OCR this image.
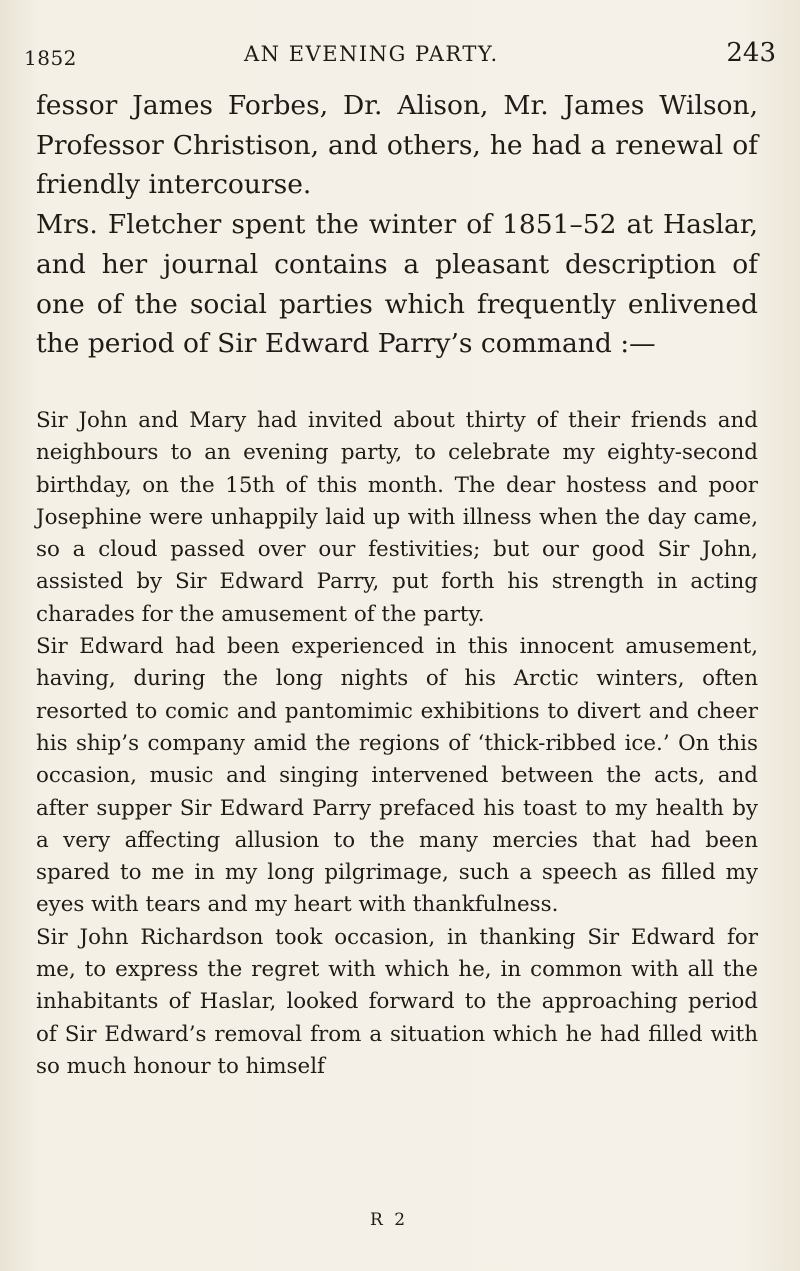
1852	AN EVENING PARTY.	243

fessor James Forbes, Dr. Alison, Mr. James Wilson, Professor Christison, and others, he had a renewal of friendly intercourse.

Mrs. Fletcher spent the winter of 1851–52 at Haslar, and her journal contains a pleasant description of one of the social parties which frequently enlivened the period of Sir Edward Parry’s command :—

Sir John and Mary had invited about thirty of their friends and neighbours to an evening party, to celebrate my eighty-second birthday, on the 15th of this month. The dear hostess and poor Josephine were unhappily laid up with illness when the day came, so a cloud passed over our festivities; but our good Sir John, assisted by Sir Edward Parry, put forth his strength in acting charades for the amusement of the party.

Sir Edward had been experienced in this innocent amusement, having, during the long nights of his Arctic winters, often resorted to comic and pantomimic exhibitions to divert and cheer his ship’s company amid the regions of ‘thick-ribbed ice.’ On this occasion, music and singing intervened between the acts, and after supper Sir Edward Parry prefaced his toast to my health by a very affecting allusion to the many mercies that had been spared to me in my long pilgrimage, such a speech as filled my eyes with tears and my heart with thankfulness.

Sir John Richardson took occasion, in thanking Sir Edward for me, to express the regret with which he, in common with all the inhabitants of Haslar, looked forward to the approaching period of Sir Edward’s removal from a situation which he had filled with so much honour to himself

R 2
